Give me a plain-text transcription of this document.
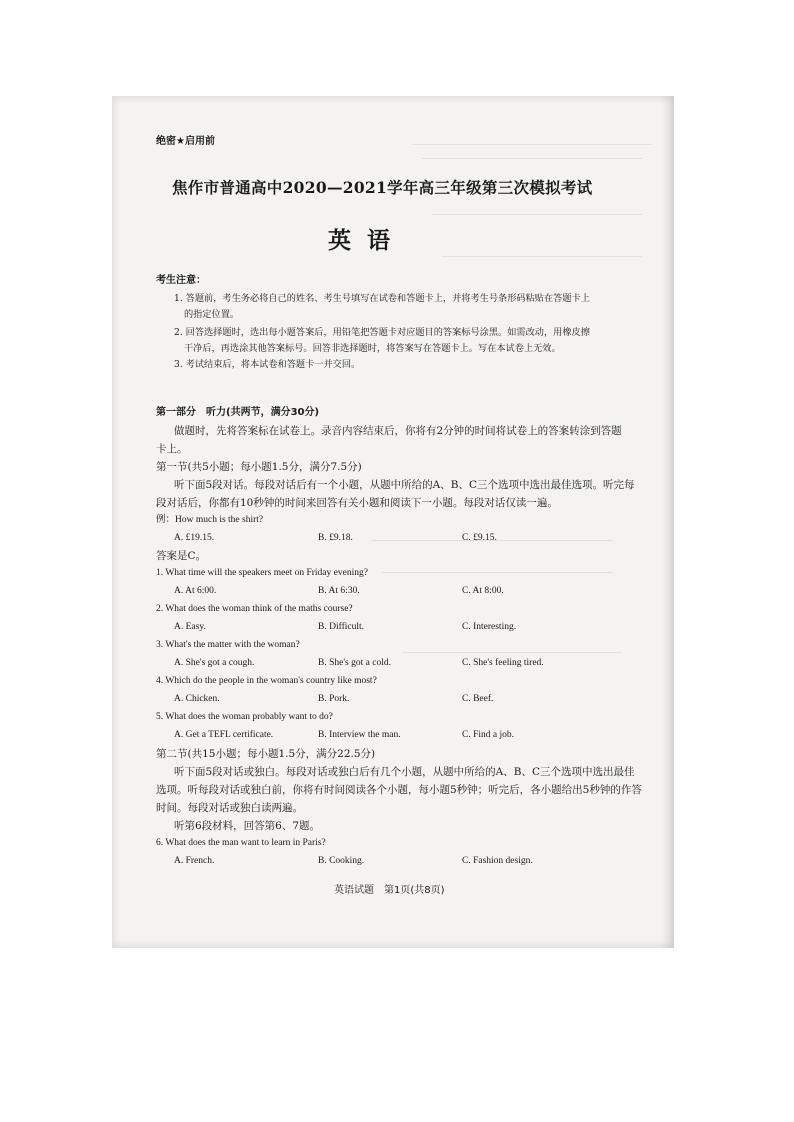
绝密★启用前
焦作市普通高中2020—2021学年高三年级第三次模拟考试
英语
考生注意：
1. 答题前，考生务必将自己的姓名、考生号填写在试卷和答题卡上，并将考生号条形码粘贴在答题卡上
的指定位置。
2. 回答选择题时，选出每小题答案后，用铅笔把答题卡对应题目的答案标号涂黑。如需改动，用橡皮擦
干净后，再选涂其他答案标号。回答非选择题时，将答案写在答题卡上。写在本试卷上无效。
3. 考试结束后，将本试卷和答题卡一并交回。
第一部分　听力(共两节，满分30分)
做题时，先将答案标在试卷上。录音内容结束后，你将有2分钟的时间将试卷上的答案转涂到答题
卡上。
第一节(共5小题；每小题1.5分，满分7.5分)
听下面5段对话。每段对话后有一个小题，从题中所给的A、B、C三个选项中选出最佳选项。听完每
段对话后，你都有10秒钟的时间来回答有关小题和阅读下一小题。每段对话仅读一遍。
例：How much is the shirt?
A. £19.15.	B. £9.18.	C. £9.15.
答案是C。
1. What time will the speakers meet on Friday evening?
A. At 6:00.	B. At 6:30.	C. At 8:00.
2. What does the woman think of the maths course?
A. Easy.	B. Difficult.	C. Interesting.
3. What's the matter with the woman?
A. She's got a cough.	B. She's got a cold.	C. She's feeling tired.
4. Which do the people in the woman's country like most?
A. Chicken.	B. Pork.	C. Beef.
5. What does the woman probably want to do?
A. Get a TEFL certificate.	B. Interview the man.	C. Find a job.
第二节(共15小题；每小题1.5分，满分22.5分)
听下面5段对话或独白。每段对话或独白后有几个小题，从题中所给的A、B、C三个选项中选出最佳
选项。听每段对话或独白前，你将有时间阅读各个小题，每小题5秒钟；听完后，各小题给出5秒钟的作答
时间。每段对话或独白读两遍。
听第6段材料，回答第6、7题。
6. What does the man want to learn in Paris?
A. French.	B. Cooking.	C. Fashion design.
英语试题　第1页(共8页)
